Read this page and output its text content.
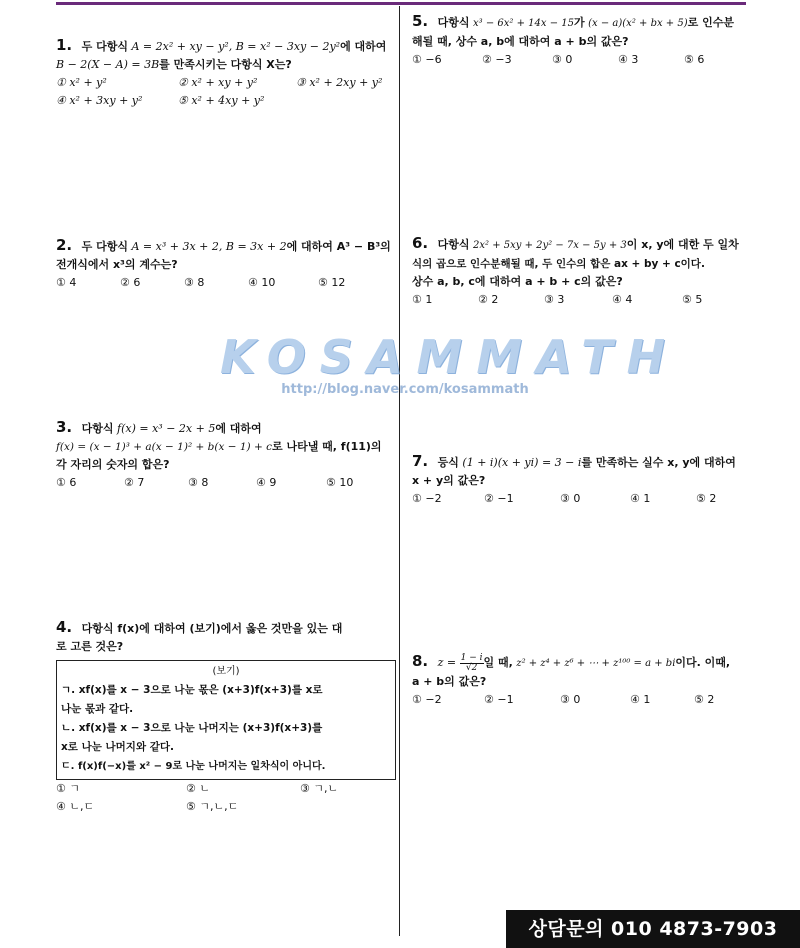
KOSAMMATH
http://blog.naver.com/kosammath
1. 두 다항식 A = 2x² + xy − y², B = x² − 3xy − 2y²에 대하여
B − 2(X − A) = 3B를 만족시키는 다항식 X는?
① x² + y²	② x² + xy + y²	③ x² + 2xy + y²
④ x² + 3xy + y²	⑤ x² + 4xy + y²
2. 두 다항식 A = x³ + 3x + 2, B = 3x + 2에 대하여 A³ − B³의
전개식에서 x³의 계수는?
① 4	② 6	③ 8	④ 10	⑤ 12
3. 다항식 f(x) = x³ − 2x + 5에 대하여
f(x) = (x − 1)³ + a(x − 1)² + b(x − 1) + c로 나타낼 때, f(11)의
각 자리의 숫자의 합은?
① 6	② 7	③ 8	④ 9	⑤ 10
4. 다항식 f(x)에 대하여 (보기)에서 옳은 것만을 있는 대
로 고른 것은?
(보기)
ㄱ. xf(x)를 x − 3으로 나눈 몫은 (x+3)f(x+3)를 x로
나눈 몫과 같다.
ㄴ. xf(x)를 x − 3으로 나눈 나머지는 (x+3)f(x+3)를
x로 나눈 나머지와 같다.
ㄷ. f(x)f(−x)를 x² − 9로 나눈 나머지는 일차식이 아니다.
① ㄱ	② ㄴ	③ ㄱ,ㄴ
④ ㄴ,ㄷ	⑤ ㄱ,ㄴ,ㄷ
5. 다항식 x³ − 6x² + 14x − 15가 (x − a)(x² + bx + 5)로 인수분
해될 때, 상수 a, b에 대하여 a + b의 값은?
① −6	② −3	③ 0	④ 3	⑤ 6
6. 다항식 2x² + 5xy + 2y² − 7x − 5y + 3이 x, y에 대한 두 일차
식의 곱으로 인수분해될 때, 두 인수의 합은 ax + by + c이다.
상수 a, b, c에 대하여 a + b + c의 값은?
① 1	② 2	③ 3	④ 4	⑤ 5
7. 등식 (1 + i)(x + yi) = 3 − i를 만족하는 실수 x, y에 대하여
x + y의 값은?
① −2	② −1	③ 0	④ 1	⑤ 2
8. $z = \frac{1 - i}{√2}$ 일 때, z² + z⁴ + z⁶ + ⋯ + z¹⁰⁰ = a + bi이다. 이때,
a + b의 값은?
① −2	② −1	③ 0	④ 1	⑤ 2
상담문의 010 4873-7903
